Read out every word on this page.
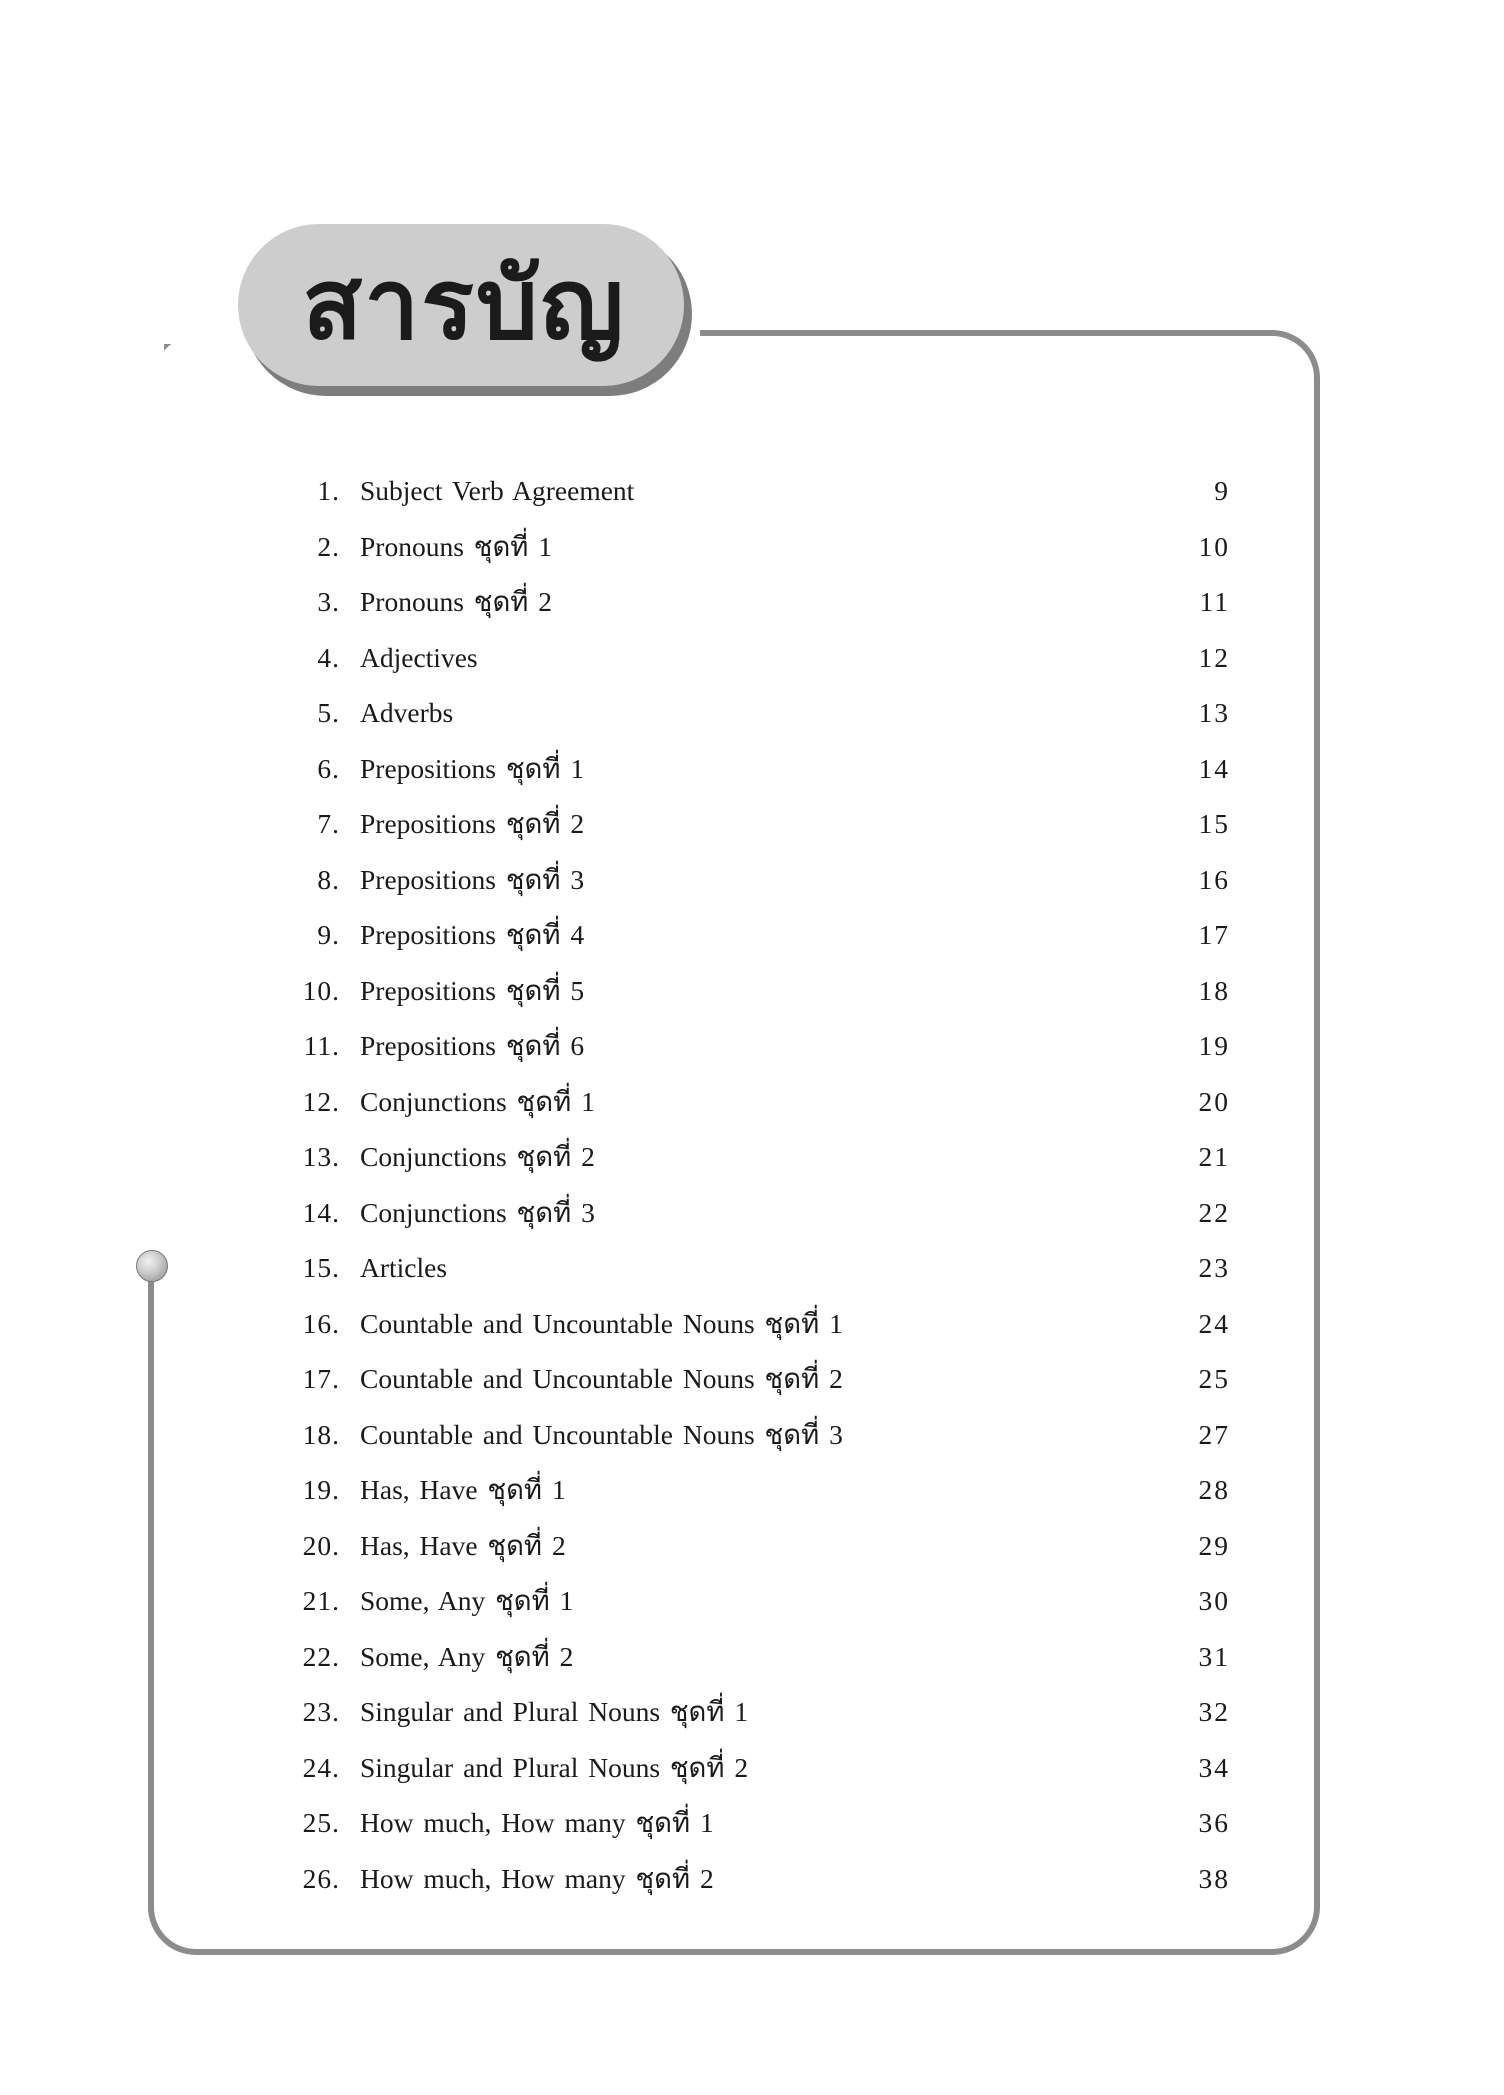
สารบัญ
1. Subject Verb Agreement	9
2. Pronouns ชุดที่ 1	10
3. Pronouns ชุดที่ 2	11
4. Adjectives	12
5. Adverbs	13
6. Prepositions ชุดที่ 1	14
7. Prepositions ชุดที่ 2	15
8. Prepositions ชุดที่ 3	16
9. Prepositions ชุดที่ 4	17
10. Prepositions ชุดที่ 5	18
11. Prepositions ชุดที่ 6	19
12. Conjunctions ชุดที่ 1	20
13. Conjunctions ชุดที่ 2	21
14. Conjunctions ชุดที่ 3	22
15. Articles	23
16. Countable and Uncountable Nouns ชุดที่ 1	24
17. Countable and Uncountable Nouns ชุดที่ 2	25
18. Countable and Uncountable Nouns ชุดที่ 3	27
19. Has, Have ชุดที่ 1	28
20. Has, Have ชุดที่ 2	29
21. Some, Any ชุดที่ 1	30
22. Some, Any ชุดที่ 2	31
23. Singular and Plural Nouns ชุดที่ 1	32
24. Singular and Plural Nouns ชุดที่ 2	34
25. How much, How many ชุดที่ 1	36
26. How much, How many ชุดที่ 2	38
